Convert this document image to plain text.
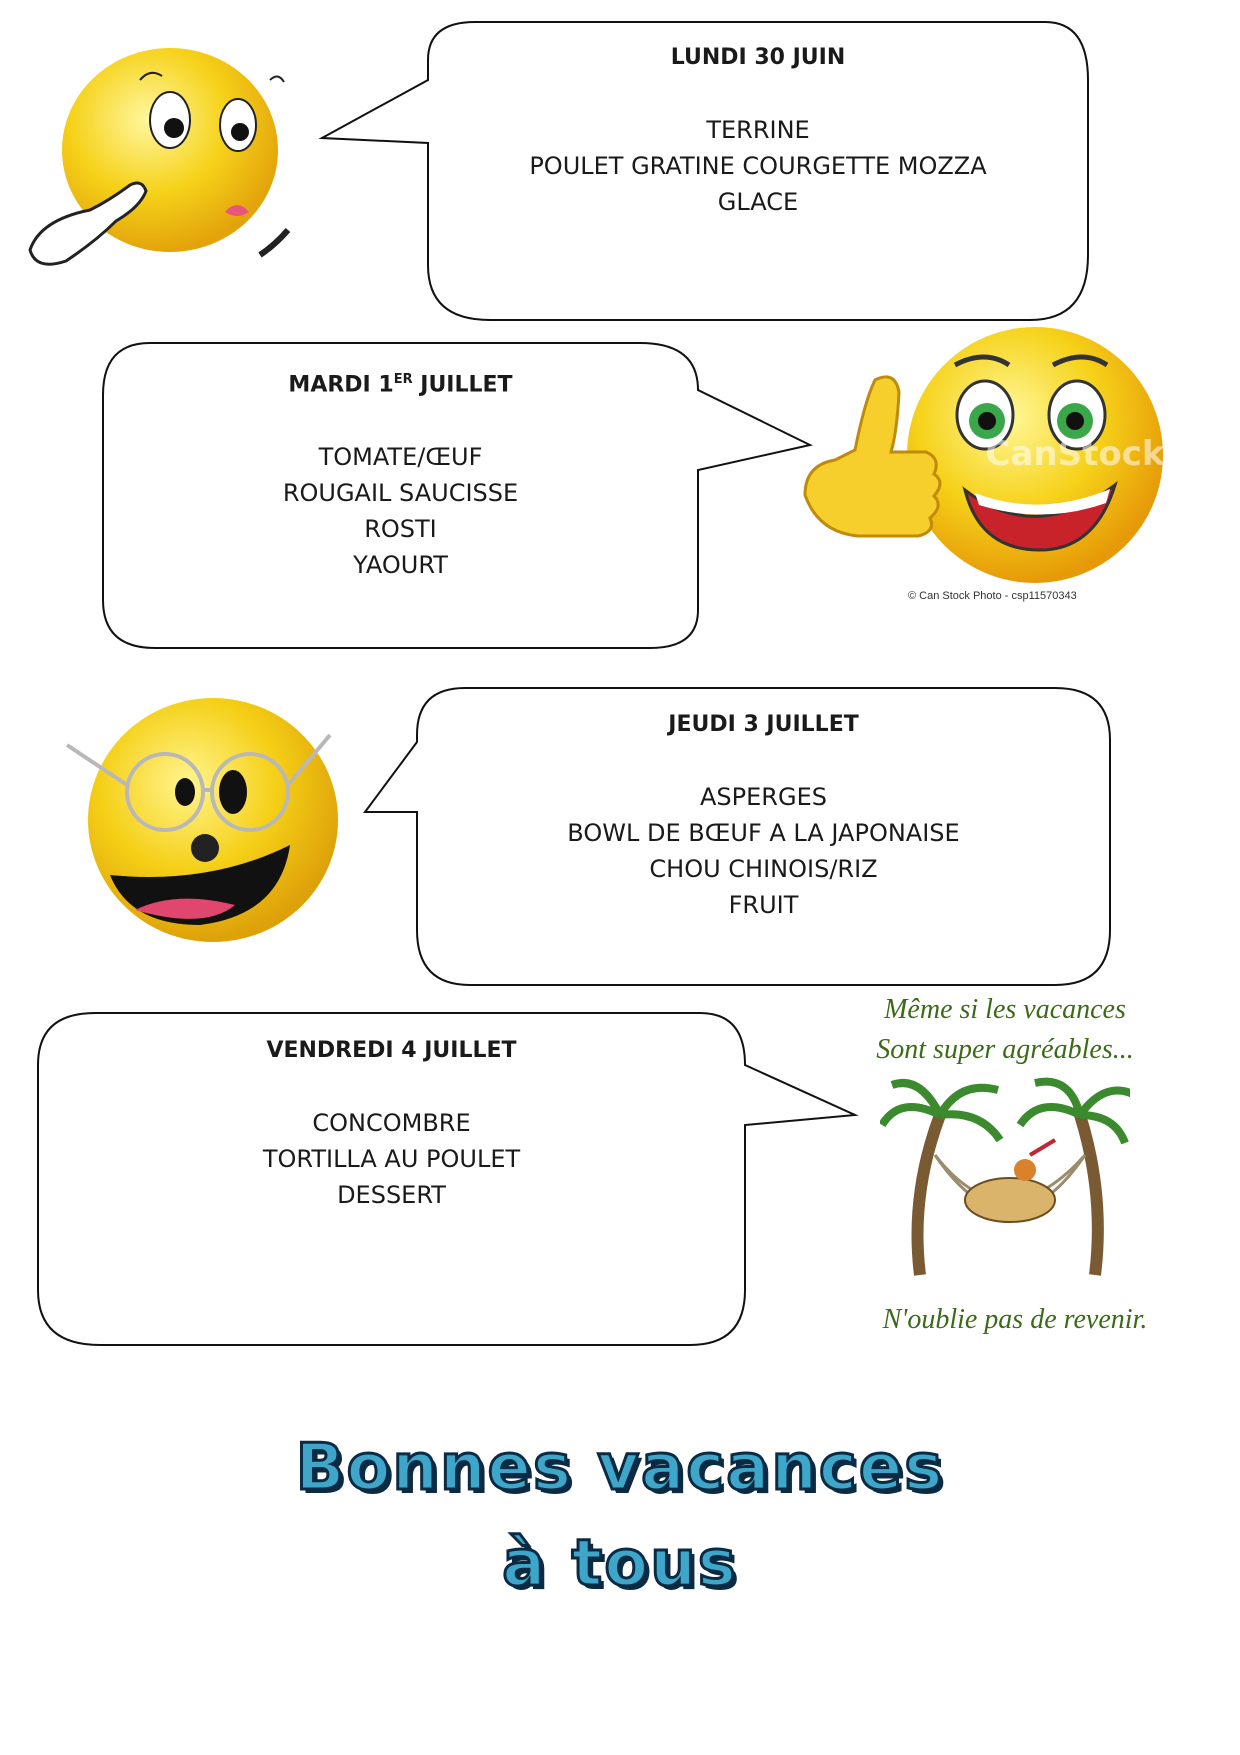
LUNDI 30 JUIN
TERRINE
POULET GRATINE COURGETTE MOZZA
GLACE
MARDI 1ER JUILLET
TOMATE/ŒUF
ROUGAIL SAUCISSE
ROSTI
YAOURT
JEUDI 3 JUILLET
ASPERGES
BOWL DE BŒUF A LA JAPONAISE
CHOU CHINOIS/RIZ
FRUIT
VENDREDI 4 JUILLET
CONCOMBRE
TORTILLA AU POULET
DESSERT
CanStock
© Can Stock Photo - csp11570343
Même si les vacances
Sont super agréables...
N'oublie pas de revenir.
Bonnes vacances
à tous
